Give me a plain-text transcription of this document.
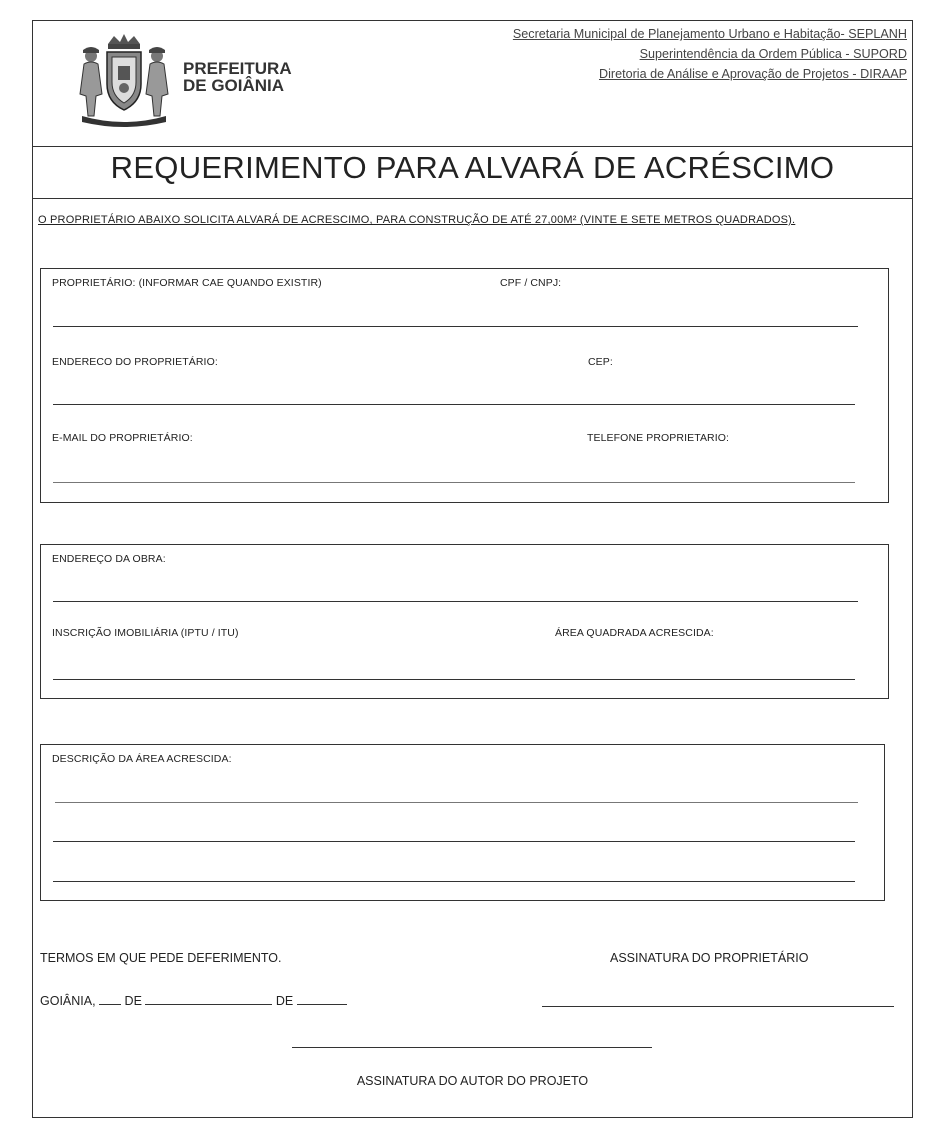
PREFEITURA
DE GOIÂNIA
Secretaria Municipal de Planejamento Urbano e Habitação- SEPLANH
Superintendência da Ordem Pública - SUPORD
Diretoria de Análise e Aprovação de Projetos - DIRAAP
REQUERIMENTO PARA ALVARÁ DE ACRÉSCIMO
O PROPRIETÁRIO ABAIXO SOLICITA ALVARÁ DE ACRESCIMO, PARA CONSTRUÇÃO DE ATÉ 27,00M² (VINTE E SETE METROS QUADRADOS).
PROPRIETÁRIO: (INFORMAR CAE QUANDO EXISTIR)	CPF / CNPJ:
ENDERECO DO PROPRIETÁRIO:	CEP:
E-MAIL DO PROPRIETÁRIO:	TELEFONE PROPRIETARIO:
ENDEREÇO DA OBRA:
INSCRIÇÃO IMOBILIÁRIA (IPTU / ITU)	ÁREA QUADRADA ACRESCIDA:
DESCRIÇÃO DA ÁREA ACRESCIDA:
TERMOS EM QUE PEDE DEFERIMENTO.	ASSINATURA DO PROPRIETÁRIO
GOIÂNIA, DE	DE
ASSINATURA DO AUTOR DO PROJETO
